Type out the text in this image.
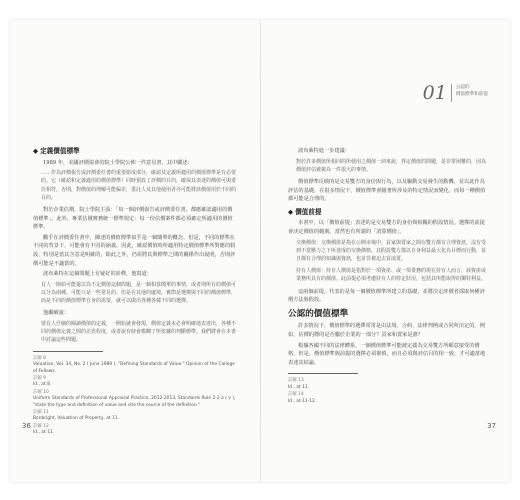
◆ 定義價值標準

1989 年，美國評價協會的院士學院公佈一件意見書，其中闡述：

……作為評價報告或評價委任書的重要組成部分，確認及定義所適用的價值標準是有必要的。它（確認和定義適用的價值標準）同時預設了評價的目的，確保其表達的價值可與委任相符。否則，對價值的理解可能偏差，委託人及其他使用者亦可能將該價值用於不同的目的。

對於企業估價，院士學院主張：「每一個評價報告或評價委任書，都應確認適用的價值標準」。此外，專業估價實務統一標準規定：每一份估價案件都必須確定所適用的價值標準。

觀乎在評價委任書中，陳述的價值標準似乎是一個簡單的概念，但是，不同的標準在不同的背景下，可能會有不同的涵義。因此，確認價值時所適用特定價值標準所對應的假設，特別是當其含意是明確的，除此之外，仍需將其與標準之間的關係作出說明，否則評價可能是不適當的。

波布萊特在這個問題上有疑好的詮釋，他寫道：

有人一開始可能還以為不定價值這個問題，是一個相當簡單的事情。或者則所有的價值可以分為兩種。可能只是一些常見的、但是在其他的處境，實際是選擇與不同的價值標準，而是不同的價值標準自身的需要，就可以做出各種各樣不同的選擇。

他繼續說：

當有人仔細的閱讀價值的定義，一開始就會發現，價值定義未必會明確地表達出，各種不同的價值定義之間的差異程度，或者說有時會模糊了所依據的判斷標準。我們將會在本書中討論這些問題。

註解 8
Valuation, Vol. 34, No. 2 ( June 1989 ), "Defining Standards of Value." Opinion of the College of Fellows.
註解 9
Id., at 8.
註解 10
Uniform Standards of Professional Appraisal Practice, 2012-2013, Standards Rule 2-2 a ( v ), "state the type and definition of value and cite the source of the definition."
註解 11
Bonbright, Valuation of Property, at 11.
註解 12
Id., at 11.
36
01 公認的
價值標準和前提

波布萊特進一步建議：

對於許多價值所相同的所使用之價值一詞來說，界定價值的問題，是非常困難的，因為價值評估被視為一件很大的事情。

價值標準反映的是交易雙方的身份與行為，以及驅動交易發生的動機，並以此作為評估的基礎。在很多情況下，價值標準會隨著所涉及的特定情況而變化，而每一種價值都可能是合理的。

◆ 價值前提

本書中，以「價值前提」表述的是交易雙方的身份與相關的假設情況。選擇的前提會決定價值的範圍，當然也有所謂的「清算價值」。

交換價值：交換價值是指在公開市場中，買家與賣家之間在雙方都有合理資訊、沒有受到不當壓力之下所達成的交換價格。其假設雙方都以自身利益最大化為目標而行動，並且都有合理的知識與資訊，也並非被迫去買或賣。

持有人價值：持有人價值是指對於一項資產、或一項業務的現在持有人而言，該資產或業務所具有的價值。此前提必須考慮持有人的特定狀況，包括其所能取得的獨特利益。

這兩個前提，代表的是每一個價值標準所建立的基礎，並將決定評價者採取何種評價方法與假設。

公認的價值標準

許多情況下，價值標準的選擇常常是由法規、合約、法律判例或合同所決定的。例如，估價的標的是否屬於企業的一部分？買家和賣家是誰？

根據各國不同的法律體系，一個價值標準可能被定義為交易雙方所願意接受的價格。但是，價值標準與前提的選擇必須審慎，而且必須與評估目的相一致，才可適當地表達其結論。

註解 13
Id., at 11.
註解 14
Id., at 11-12.
37
